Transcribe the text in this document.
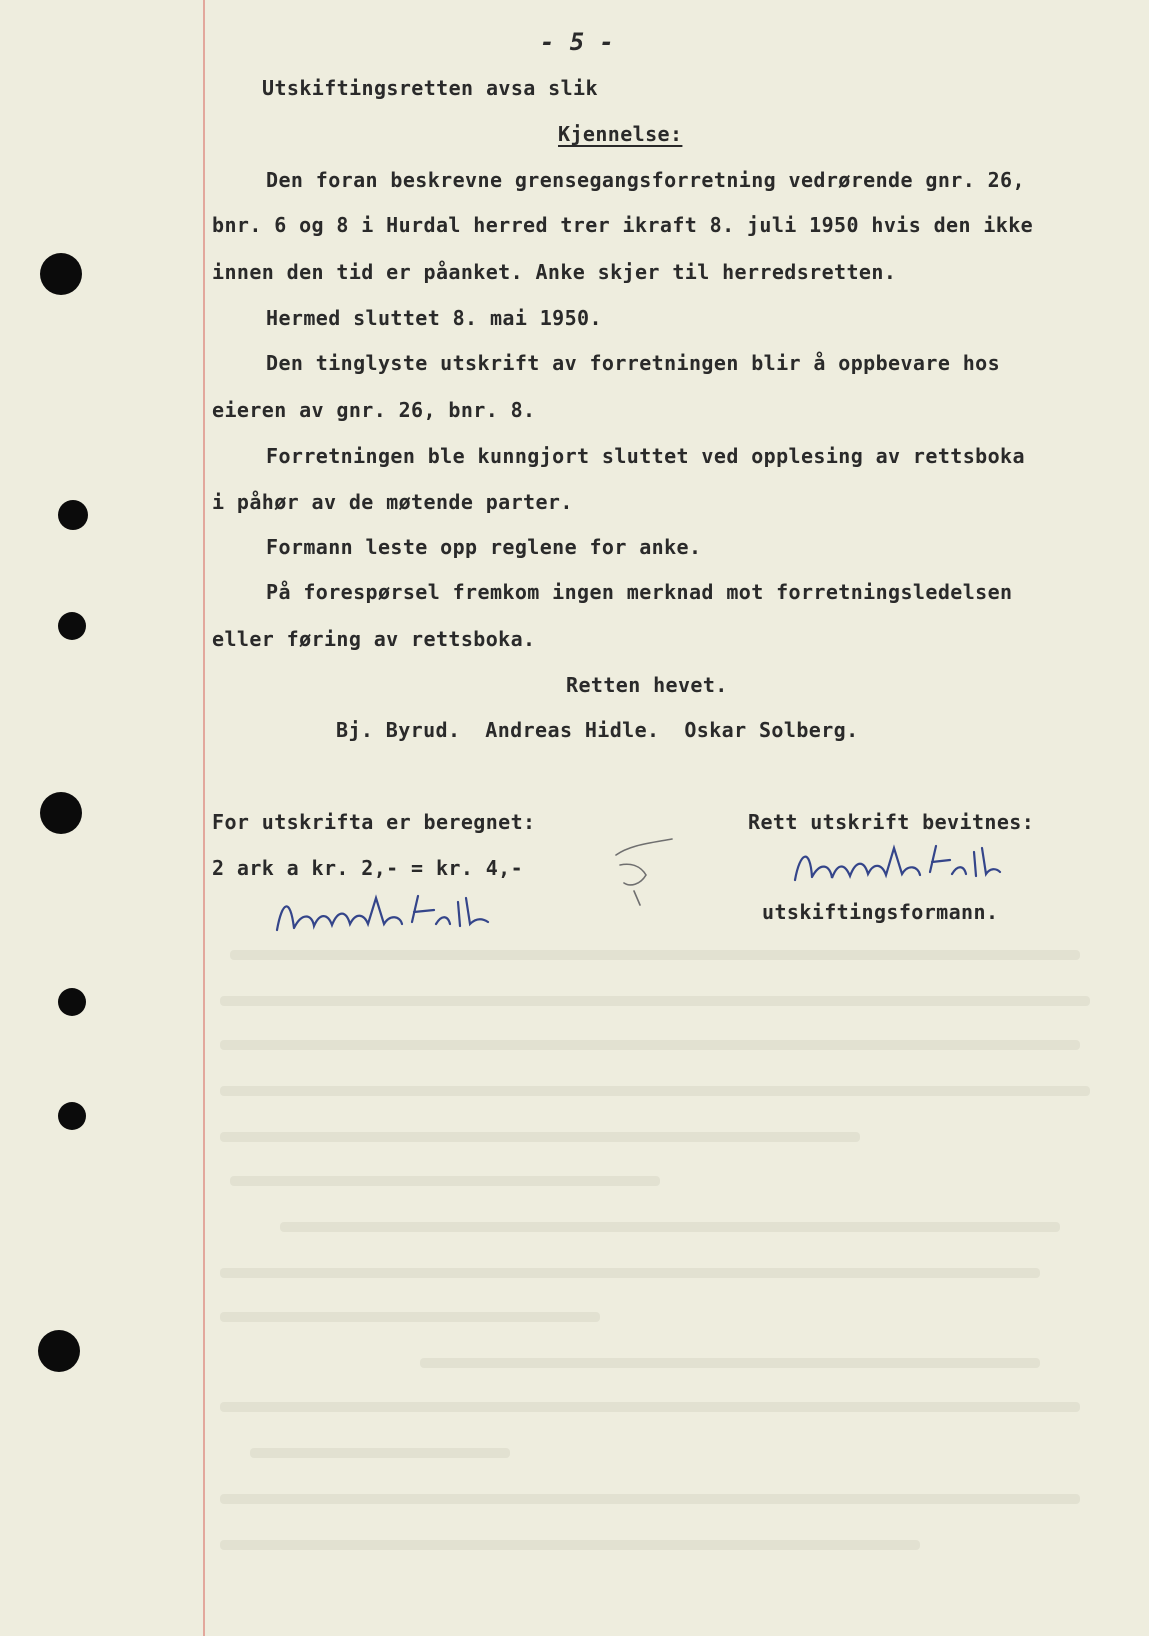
- 5 -
Utskiftingsretten avsa slik
Kjennelse:
Den foran beskrevne grensegangsforretning vedrørende gnr. 26,
bnr. 6 og 8 i Hurdal herred trer ikraft 8. juli 1950 hvis den ikke
innen den tid er påanket. Anke skjer til herredsretten.
Hermed sluttet 8. mai 1950.
Den tinglyste utskrift av forretningen blir å oppbevare hos
eieren av gnr. 26, bnr. 8.
Forretningen ble kunngjort sluttet ved opplesing av rettsboka
i påhør av de møtende parter.
Formann leste opp reglene for anke.
På forespørsel fremkom ingen merknad mot forretningsledelsen
eller føring av rettsboka.
Retten hevet.
Bj. Byrud.  Andreas Hidle.  Oskar Solberg.
For utskrifta er beregnet:	Rett utskrift bevitnes:
2 ark a kr. 2,- = kr. 4,-
utskiftingsformann.
